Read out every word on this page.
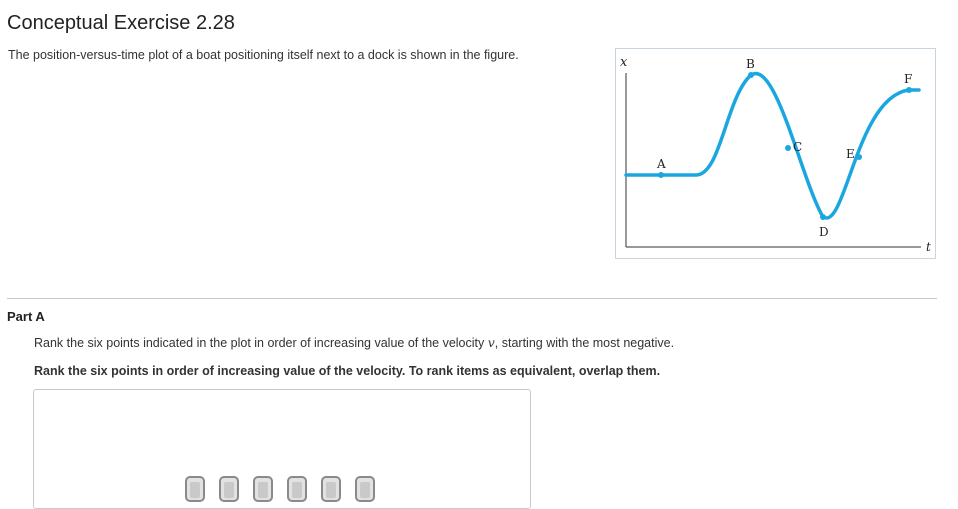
Conceptual Exercise 2.28
The position-versus-time plot of a boat positioning itself next to a dock is shown in the figure.	x
t
A
B
C
D
E
F
Part A
Rank the six points indicated in the plot in order of increasing value of the velocity v, starting with the most negative.
Rank the six points in order of increasing value of the velocity. To rank items as equivalent, overlap them.
